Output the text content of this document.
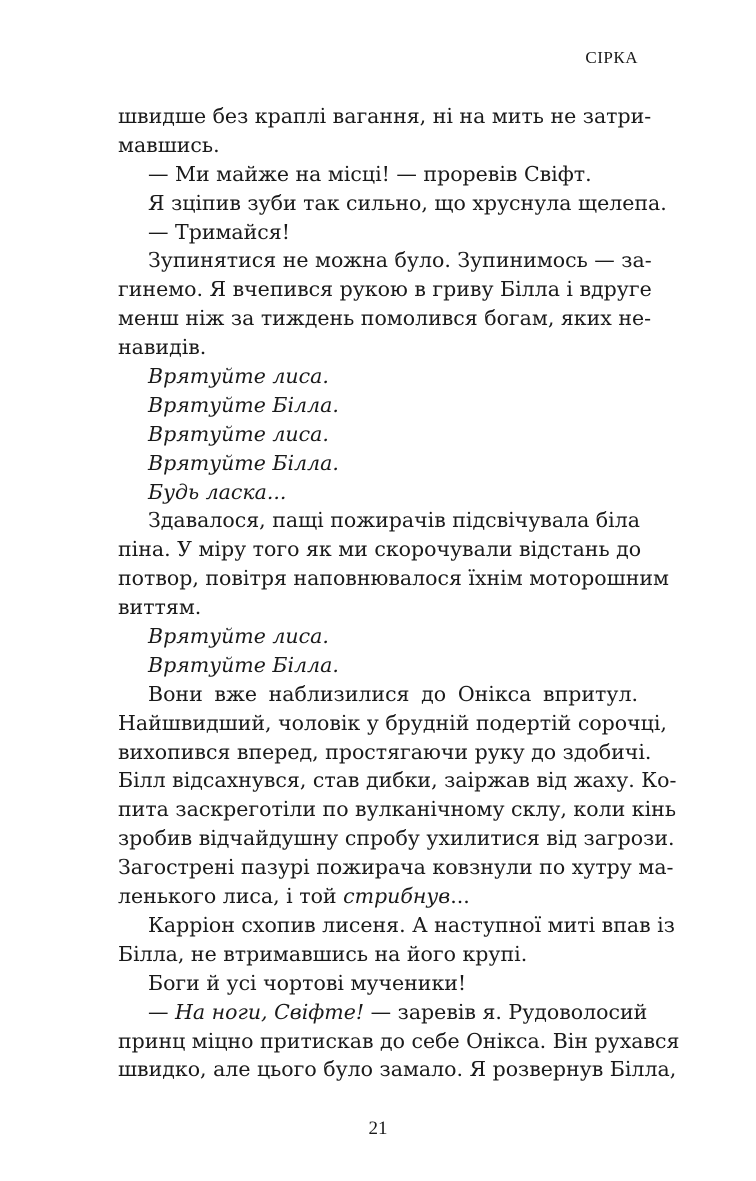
СІРКА
швидше без краплі вагання, ні на мить не затри-
мавшись.
— Ми майже на місці! — проревів Свіфт.
Я зціпив зуби так сильно, що хруснула щелепа.
— Тримайся!
Зупинятися не можна було. Зупинимось — за-
гинемо. Я вчепився рукою в гриву Білла і вдруге
менш ніж за тиждень помолився богам, яких не-
навидів.
Врятуйте лиса.
Врятуйте Білла.
Врятуйте лиса.
Врятуйте Білла.
Будь ласка...
Здавалося, пащі пожирачів підсвічувала біла
піна. У міру того як ми скорочували відстань до
потвор, повітря наповнювалося їхнім моторошним
виттям.
Врятуйте лиса.
Врятуйте Білла.
Вони вже наблизилися до Онікса впритул.
Найшвидший, чоловік у брудній подертій сорочці,
вихопився вперед, простягаючи руку до здобичі.
Білл відсахнувся, став дибки, заіржав від жаху. Ко-
пита заскреготіли по вулканічному склу, коли кінь
зробив відчайдушну спробу ухилитися від загрози.
Загострені пазурі пожирача ковзнули по хутру ма-
ленького лиса, і той стрибнув...
Карріон схопив лисеня. А наступної миті впав із
Білла, не втримавшись на його крупі.
Боги й усі чортові мученики!
— На ноги, Свіфте! — заревів я. Рудоволосий
принц міцно притискав до себе Онікса. Він рухався
швидко, але цього було замало. Я розвернув Білла,
21
